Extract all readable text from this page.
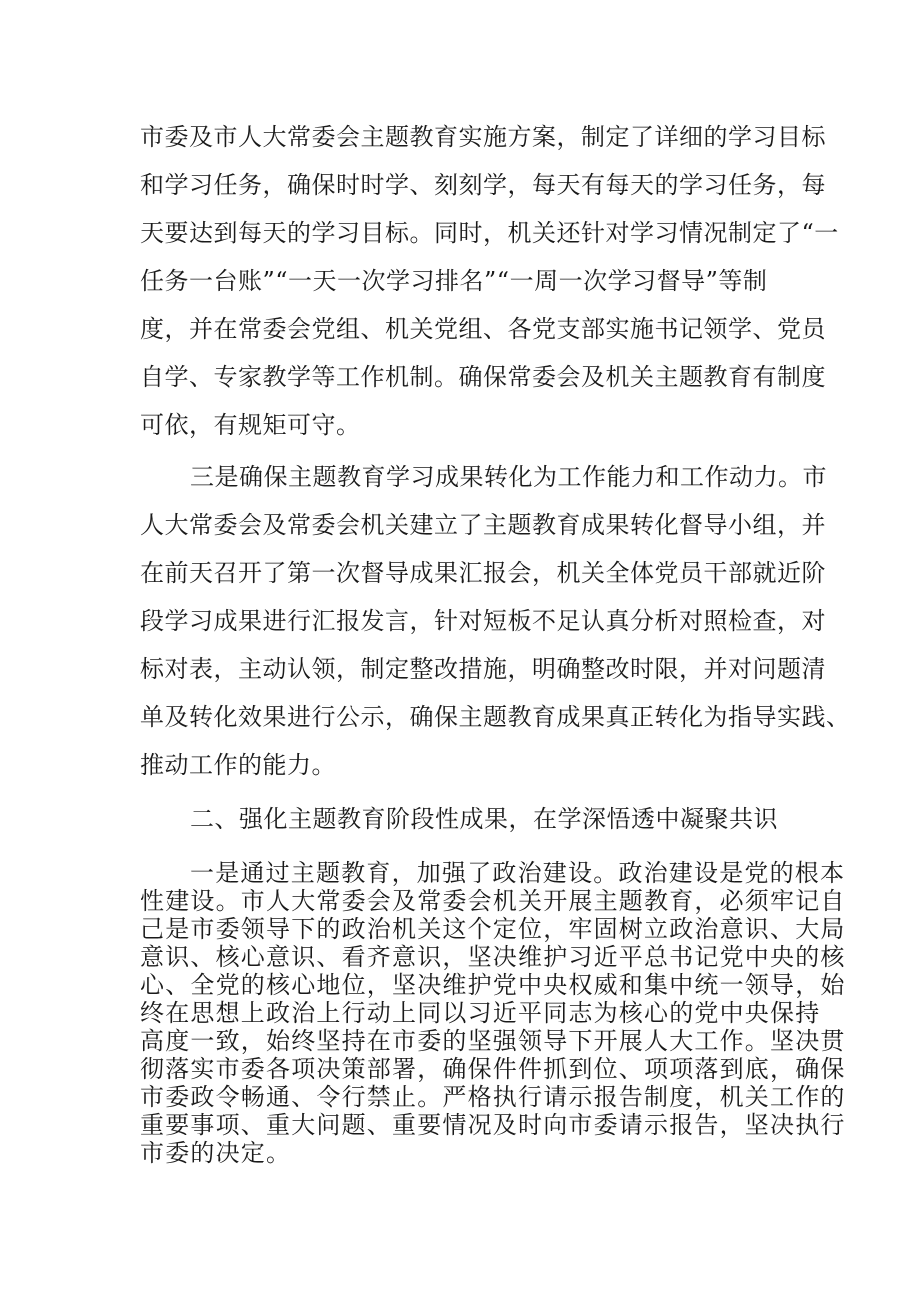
市委及市人大常委会主题教育实施方案，制定了详细的学习目标
和学习任务，确保时时学、刻刻学，每天有每天的学习任务，每
天要达到每天的学习目标。同时，机关还针对学习情况制定了“一
任务一台账”“一天一次学习排名”“一周一次学习督导”等制
度，并在常委会党组、机关党组、各党支部实施书记领学、党员
自学、专家教学等工作机制。确保常委会及机关主题教育有制度
可依，有规矩可守。
三是确保主题教育学习成果转化为工作能力和工作动力。市
人大常委会及常委会机关建立了主题教育成果转化督导小组，并
在前天召开了第一次督导成果汇报会，机关全体党员干部就近阶
段学习成果进行汇报发言，针对短板不足认真分析对照检查，对
标对表，主动认领，制定整改措施，明确整改时限，并对问题清
单及转化效果进行公示，确保主题教育成果真正转化为指导实践、
推动工作的能力。
二、强化主题教育阶段性成果，在学深悟透中凝聚共识
一是通过主题教育，加强了政治建设。政治建设是党的根本
性建设。市人大常委会及常委会机关开展主题教育，必须牢记自
己是市委领导下的政治机关这个定位，牢固树立政治意识、大局
意识、核心意识、看齐意识，坚决维护习近平总书记党中央的核
心、全党的核心地位，坚决维护党中央权威和集中统一领导，始
终在思想上政治上行动上同以习近平同志为核心的党中央保持
高度一致，始终坚持在市委的坚强领导下开展人大工作。坚决贯
彻落实市委各项决策部署，确保件件抓到位、项项落到底，确保
市委政令畅通、令行禁止。严格执行请示报告制度，机关工作的
重要事项、重大问题、重要情况及时向市委请示报告，坚决执行
市委的决定。
